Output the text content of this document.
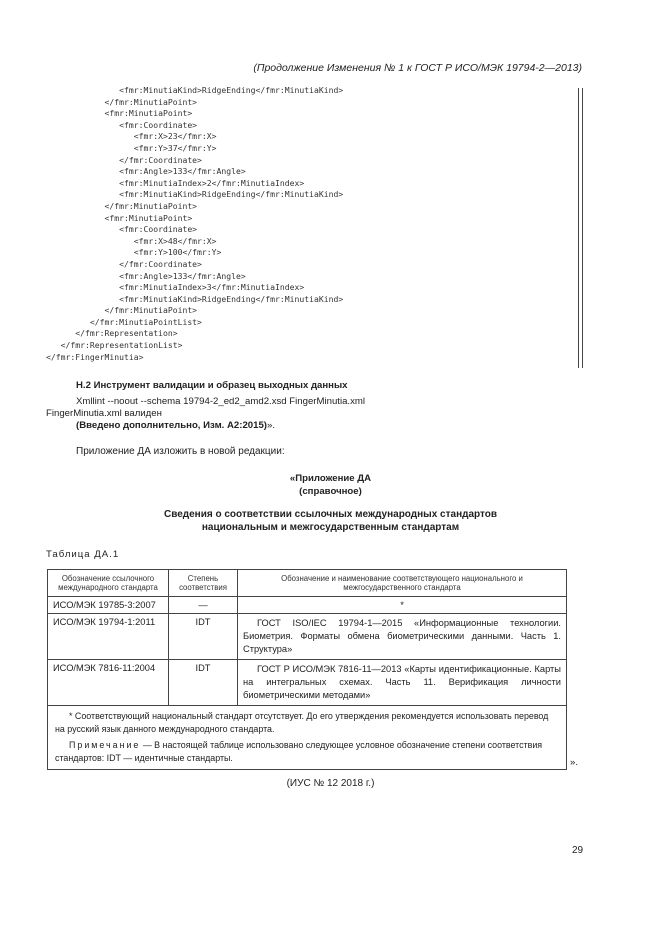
(Продолжение Изменения № 1 к ГОСТ Р ИСО/МЭК 19794-2—2013)
<fmr:MinutiaKind>RidgeEnding</fmr:MinutiaKind>
</fmr:MinutiaPoint>
<fmr:MinutiaPoint>
<fmr:Coordinate>
<fmr:X>23</fmr:X>
<fmr:Y>37</fmr:Y>
</fmr:Coordinate>
<fmr:Angle>133</fmr:Angle>
<fmr:MinutiaIndex>2</fmr:MinutiaIndex>
<fmr:MinutiaKind>RidgeEnding</fmr:MinutiaKind>
</fmr:MinutiaPoint>
<fmr:MinutiaPoint>
<fmr:Coordinate>
<fmr:X>48</fmr:X>
<fmr:Y>100</fmr:Y>
</fmr:Coordinate>
<fmr:Angle>133</fmr:Angle>
<fmr:MinutiaIndex>3</fmr:MinutiaIndex>
<fmr:MinutiaKind>RidgeEnding</fmr:MinutiaKind>
</fmr:MinutiaPoint>
</fmr:MinutiaPointList>
</fmr:Representation>
</fmr:RepresentationList>
</fmr:FingerMinutia>
Н.2 Инструмент валидации и образец выходных данных
Xmllint --noout --schema 19794-2_ed2_amd2.xsd FingerMinutia.xml
FingerMinutia.xml валиден
(Введено дополнительно, Изм. А2:2015)».
Приложение ДА изложить в новой редакции:
«Приложение ДА
(справочное)
Сведения о соответствии ссылочных международных стандартов
национальным и межгосударственным стандартам
Таблица ДА.1
Обозначение ссылочного международного стандарта	Степень соответствия	Обозначение и наименование соответствующего национального и межгосударственного стандарта
ИСО/МЭК 19785-3:2007	—	*
ИСО/МЭК 19794-1:2011	IDT	ГОСТ ISO/IEC 19794-1—2015 «Информационные технологии. Биометрия. Форматы обмена биометрическими данными. Часть 1. Структура»
ИСО/МЭК 7816-11:2004	IDT	ГОСТ Р ИСО/МЭК 7816-11—2013 «Карты идентификационные. Карты на интегральных схемах. Часть 11. Верификация личности биометрическими методами»

* Соответствующий национальный стандарт отсутствует. До его утверждения рекомендуется использовать перевод на русский язык данного международного стандарта.
Примечание — В настоящей таблице использовано следующее условное обозначение степени соответствия стандартов: IDT — идентичные стандарты.			».
(ИУС № 12 2018 г.)
29
